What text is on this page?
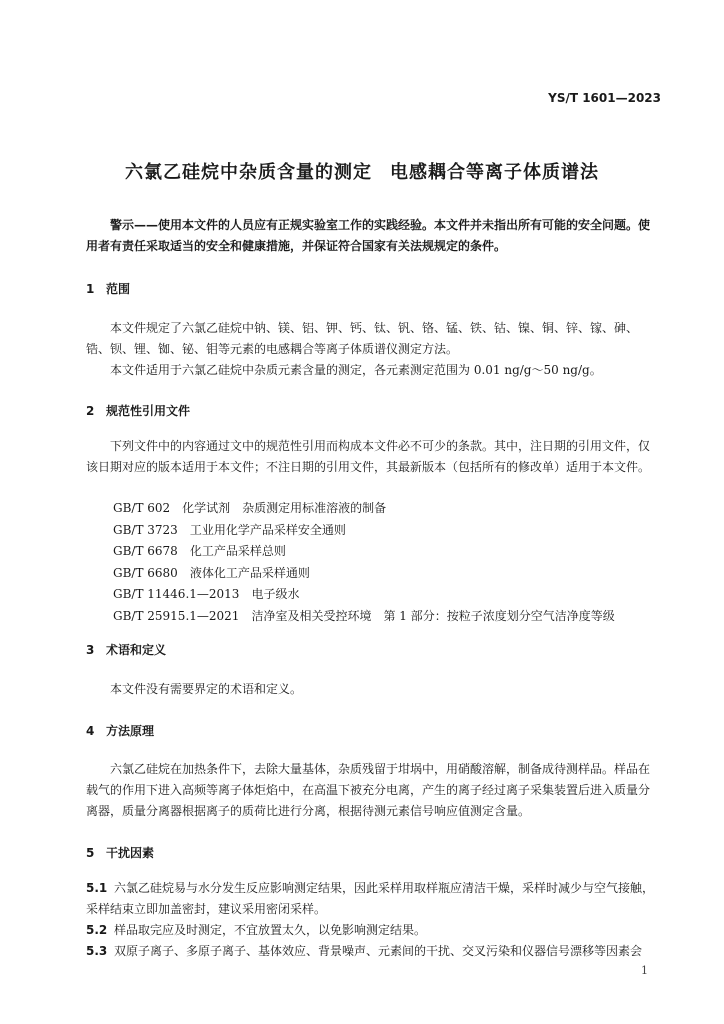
YS/T 1601—2023
六氯乙硅烷中杂质含量的测定 电感耦合等离子体质谱法

警示——使用本文件的人员应有正规实验室工作的实践经验。本文件并未指出所有可能的安全问题。使用者有责任采取适当的安全和健康措施，并保证符合国家有关法规规定的条件。

1 范围

本文件规定了六氯乙硅烷中钠、镁、铝、钾、钙、钛、钒、铬、锰、铁、钴、镍、铜、锌、镓、砷、锆、钡、锂、铷、铋、钼等元素的电感耦合等离子体质谱仪测定方法。

本文件适用于六氯乙硅烷中杂质元素含量的测定，各元素测定范围为 0.01 ng/g～50 ng/g。

2 规范性引用文件

下列文件中的内容通过文中的规范性引用而构成本文件必不可少的条款。其中，注日期的引用文件，仅该日期对应的版本适用于本文件；不注日期的引用文件，其最新版本（包括所有的修改单）适用于本文件。

GB/T 602 化学试剂　杂质测定用标准溶液的制备
GB/T 3723 工业用化学产品采样安全通则
GB/T 6678 化工产品采样总则
GB/T 6680 液体化工产品采样通则
GB/T 11446.1—2013 电子级水
GB/T 25915.1—2021 洁净室及相关受控环境　第 1 部分：按粒子浓度划分空气洁净度等级
3 术语和定义

本文件没有需要界定的术语和定义。

4 方法原理

六氯乙硅烷在加热条件下，去除大量基体，杂质残留于坩埚中，用硝酸溶解，制备成待测样品。样品在载气的作用下进入高频等离子体炬焰中，在高温下被充分电离，产生的离子经过离子采集装置后进入质量分离器，质量分离器根据离子的质荷比进行分离，根据待测元素信号响应值测定含量。

5 干扰因素
5.1 六氯乙硅烷易与水分发生反应影响测定结果，因此采样用取样瓶应清洁干燥，采样时减少与空气接触，采样结束立即加盖密封，建议采用密闭采样。
5.2 样品取完应及时测定，不宜放置太久，以免影响测定结果。
5.3 双原子离子、多原子离子、基体效应、背景噪声、元素间的干扰、交叉污染和仪器信号漂移等因素会
1
